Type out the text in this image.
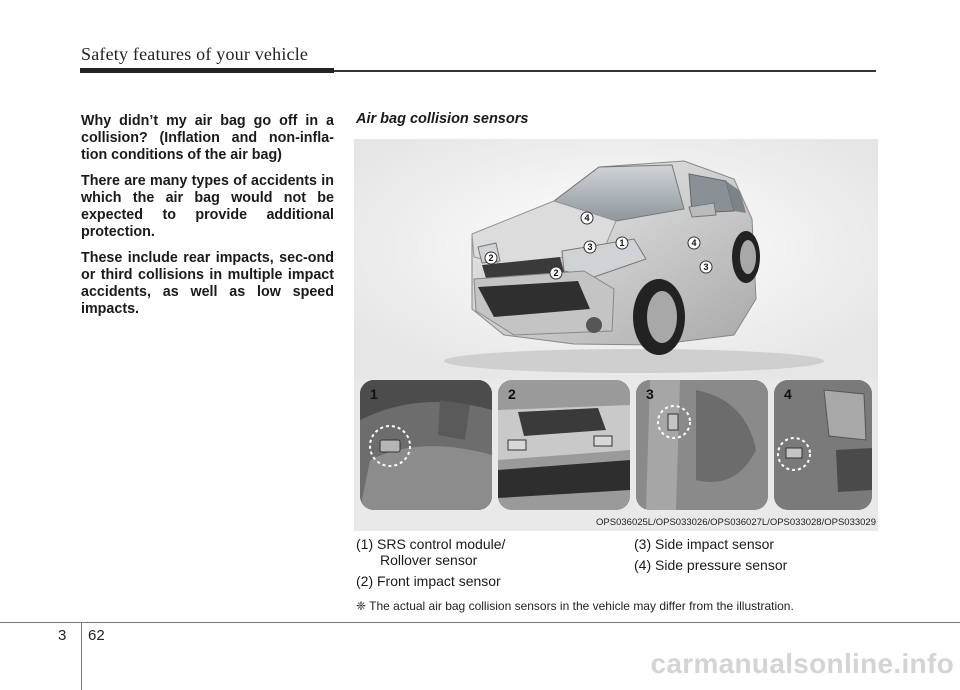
Safety features of your vehicle

Why didn’t my air bag go off in a collision? (Inflation and non-infla-tion conditions of the air bag)

There are many types of accidents in which the air bag would not be expected to provide additional protection.

These include rear impacts, sec-ond or third collisions in multiple impact accidents, as well as low speed impacts.

Air bag collision sensors
4
3	1	4
2
2
3
1	2	3	4
OPS036025L/OPS033026/OPS036027L/OPS033028/OPS033029
(1) SRS control module/
Rollover sensor
(2) Front impact sensor
(3) Side impact sensor
(4) Side pressure sensor
❈ The actual air bag collision sensors in the vehicle may differ from the illustration.
3 62
carmanualsonline.info
